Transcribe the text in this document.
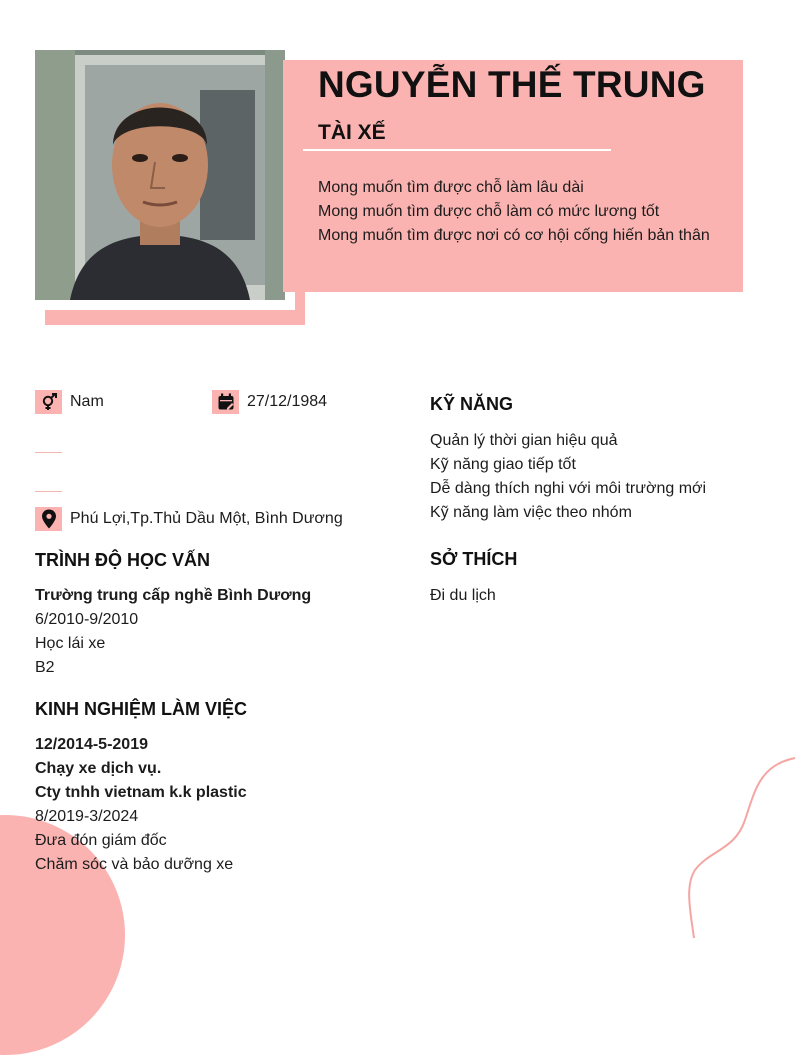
NGUYỄN THẾ TRUNG
TÀI XẾ
Mong muốn tìm được chỗ làm lâu dài
Mong muốn tìm được chỗ làm có mức lương tốt
Mong muốn tìm được nơi có cơ hội cống hiến bản thân
Nam	27/12/1984
Phú Lợi,Tp.Thủ Dầu Một, Bình Dương
TRÌNH ĐỘ HỌC VẤN
Trường trung cấp nghề Bình Dương
6/2010-9/2010
Học lái xe
B2
KINH NGHIỆM LÀM VIỆC
12/2014-5-2019
Chạy xe dịch vụ.
Cty tnhh vietnam k.k plastic
8/2019-3/2024
Đưa đón giám đốc
Chăm sóc và bảo dưỡng xe
KỸ NĂNG
Quản lý thời gian hiệu quả
Kỹ năng giao tiếp tốt
Dễ dàng thích nghi với môi trường mới
Kỹ năng làm việc theo nhóm
SỞ THÍCH
Đi du lịch
